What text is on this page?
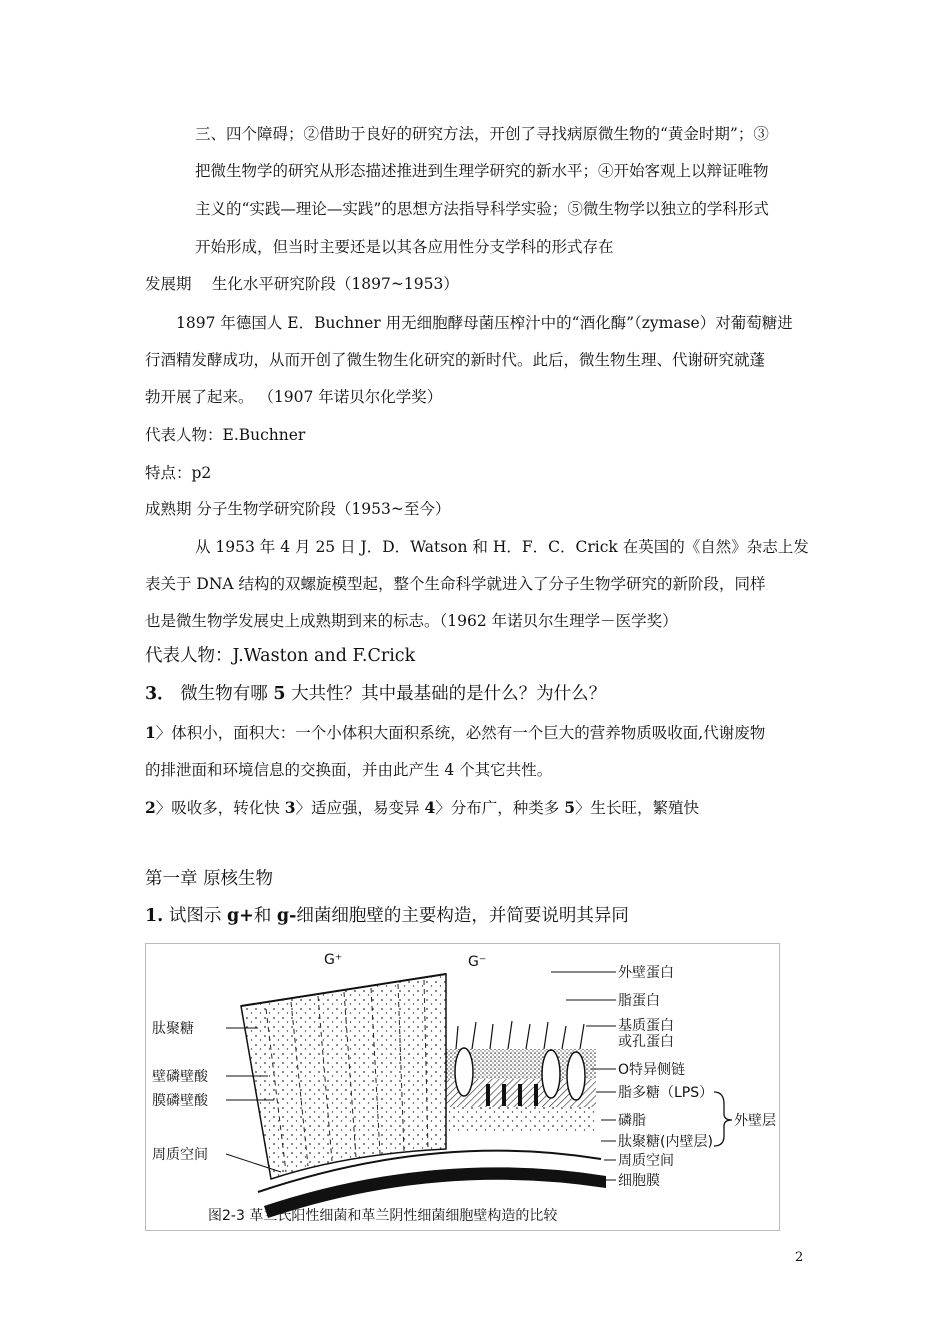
三、四个障碍；②借助于良好的研究方法，开创了寻找病原微生物的“黄金时期”；③
把微生物学的研究从形态描述推进到生理学研究的新水平；④开始客观上以辩证唯物
主义的“实践—理论—实践”的思想方法指导科学实验；⑤微生物学以独立的学科形式
开始形成，但当时主要还是以其各应用性分支学科的形式存在
发展期　 生化水平研究阶段（1897~1953）
1897 年德国人 E．Buchner 用无细胞酵母菌压榨汁中的“酒化酶”（zymase）对葡萄糖进
行酒精发酵成功，从而开创了微生物生化研究的新时代。此后，微生物生理、代谢研究就蓬
勃开展了起来。 （1907 年诺贝尔化学奖）
代表人物：E.Buchner
特点：p2
成熟期 分子生物学研究阶段（1953~至今）
从 1953 年 4 月 25 日 J．D．Watson 和 H．F．C．Crick 在英国的《自然》杂志上发
表关于 DNA 结构的双螺旋模型起，整个生命科学就进入了分子生物学研究的新阶段，同样
也是微生物学发展史上成熟期到来的标志。（1962 年诺贝尔生理学－医学奖）
代表人物：J.Waston and F.Crick
3． 微生物有哪 5 大共性？其中最基础的是什么？为什么？
1〉体积小，面积大：一个小体积大面积系统，必然有一个巨大的营养物质吸收面,代谢废物
的排泄面和环境信息的交换面，并由此产生 4 个其它共性。
2〉吸收多，转化快 3〉适应强，易变异 4〉分布广，种类多 5〉生长旺，繁殖快
第一章 原核生物
1. 试图示 g+和 g-细菌细胞壁的主要构造，并简要说明其异同
G⁺	G⁻
肽聚糖
壁磷壁酸
膜磷壁酸
周质空间
外壁蛋白
脂蛋白
基质蛋白
或孔蛋白
O特异侧链
脂多糖（LPS）
磷脂
肽聚糖(内壁层)
周质空间
细胞膜
外壁层
图2-3 革兰氏阳性细菌和革兰阴性细菌细胞壁构造的比较
2
